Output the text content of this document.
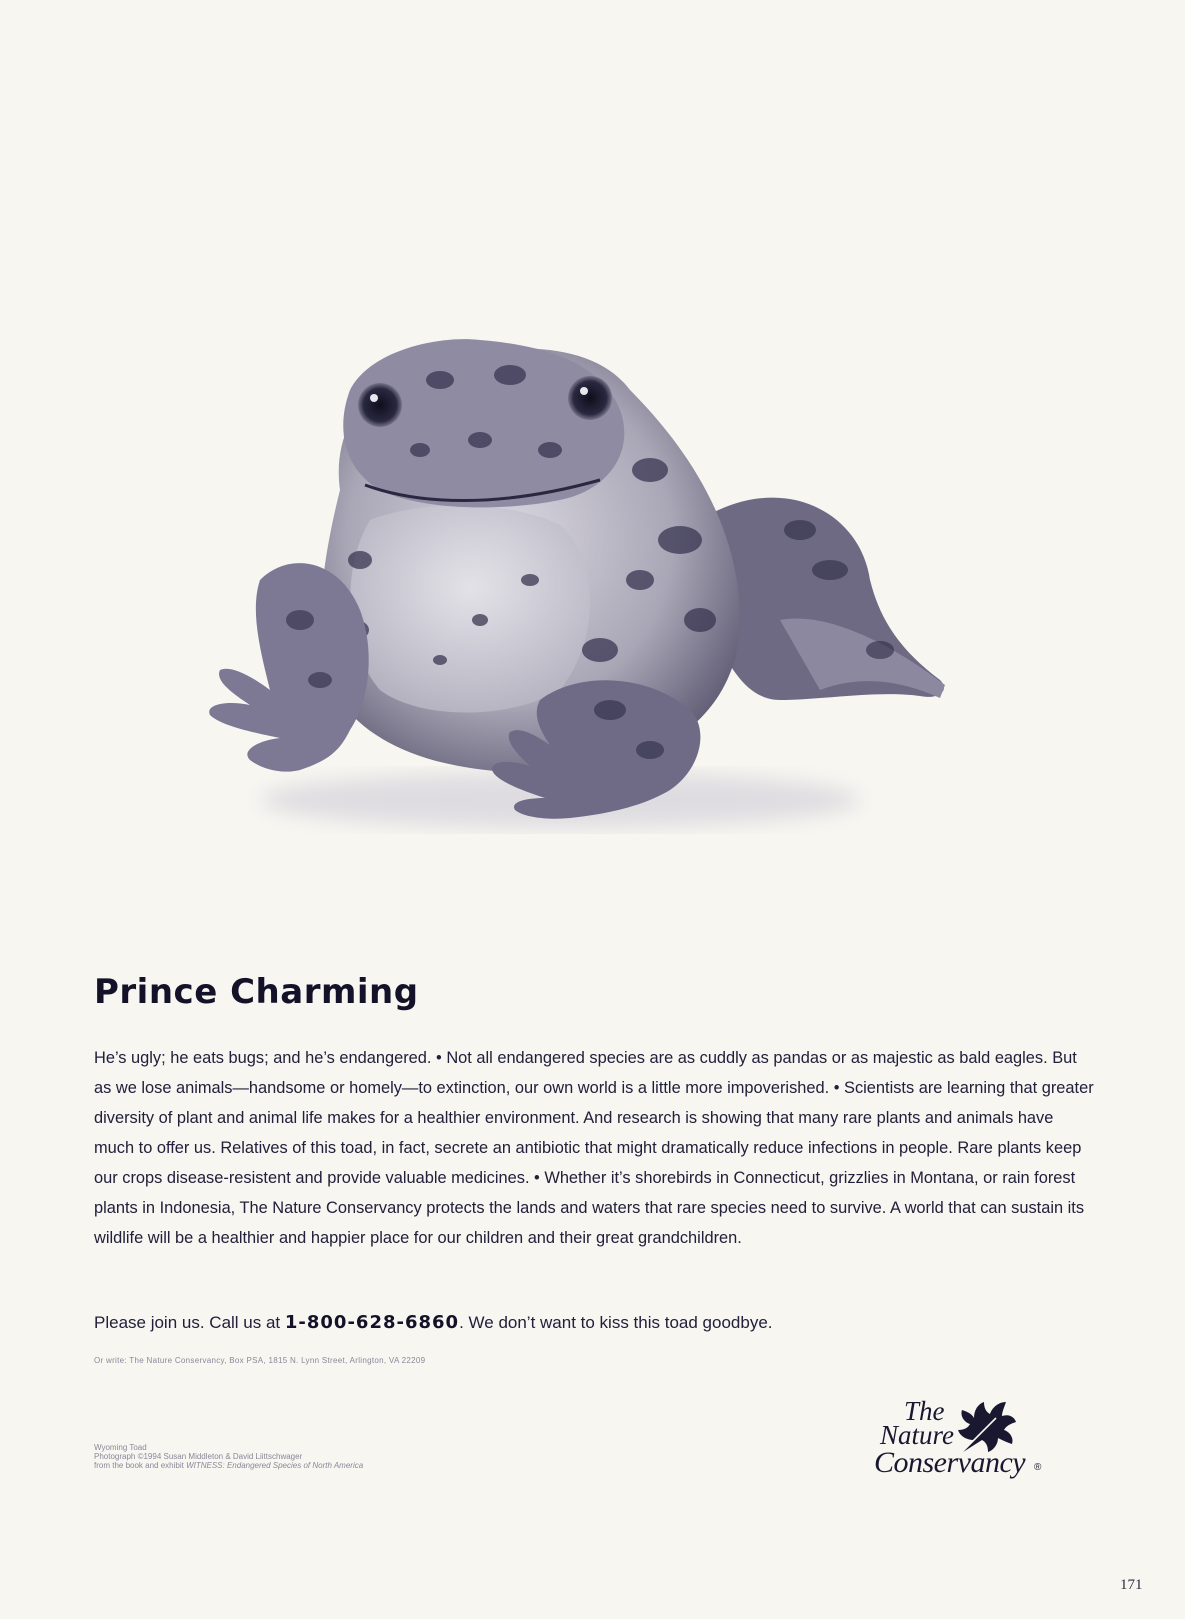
Prince Charming

He’s ugly; he eats bugs; and he’s endangered. • Not all endangered species are as cuddly as pandas or as majestic as bald eagles. But as we lose animals—handsome or homely—to extinction, our own world is a little more impoverished. • Scientists are learning that greater diversity of plant and animal life makes for a healthier environment. And research is showing that many rare plants and animals have much to offer us. Relatives of this toad, in fact, secrete an antibiotic that might dramatically reduce infections in people. Rare plants keep our crops disease-resistent and provide valuable medicines. • Whether it’s shorebirds in Connecticut, grizzlies in Montana, or rain forest plants in Indonesia, The Nature Conservancy protects the lands and waters that rare species need to survive. A world that can sustain its wildlife will be a healthier and happier place for our children and their great grandchildren.

Please join us. Call us at 1-800-628-6860. We don’t want to kiss this toad goodbye.

Or write: The Nature Conservancy, Box PSA, 1815 N. Lynn Street, Arlington, VA 22209

Wyoming Toad
Photograph ©1994 Susan Middleton & David Liittschwager
from the book and exhibit WITNESS: Endangered Species of North America

The
Nature
Conservancy ®

171
